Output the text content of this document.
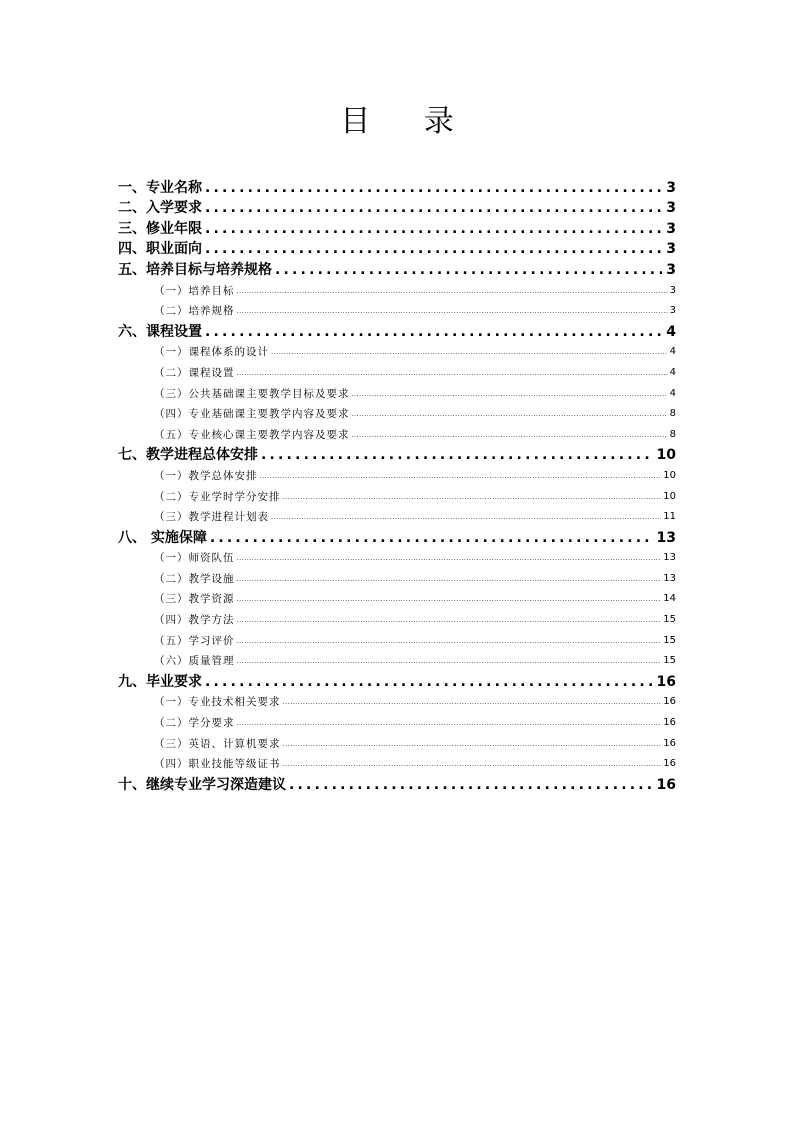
目 录
一、专业名称 .....	3
二、入学要求 .....	3
三、修业年限 .....	3
四、职业面向 .....	3
五、培养目标与培养规格 .....	3
（一）培养目标 .....	3
（二）培养规格 .....	3
六、课程设置 .....	4
（一）课程体系的设计 .....	4
（二）课程设置 .....	4
（三）公共基础课主要教学目标及要求 .....	4
（四）专业基础课主要教学内容及要求 .....	8
（五）专业核心课主要教学内容及要求 .....	8
七、教学进程总体安排 .....	10
（一）教学总体安排 .....	10
（二）专业学时学分安排 .....	10
（三）教学进程计划表 .....	11
八、 实施保障 .....	13
（一）师资队伍 .....	13
（二）教学设施 .....	13
（三）教学资源 .....	14
（四）教学方法 .....	15
（五）学习评价 .....	15
（六）质量管理 .....	15
九、毕业要求 .....	16
（一）专业技术相关要求 .....	16
（二）学分要求 .....	16
（三）英语、计算机要求 .....	16
（四）职业技能等级证书 .....	16
十、继续专业学习深造建议 .....	16
